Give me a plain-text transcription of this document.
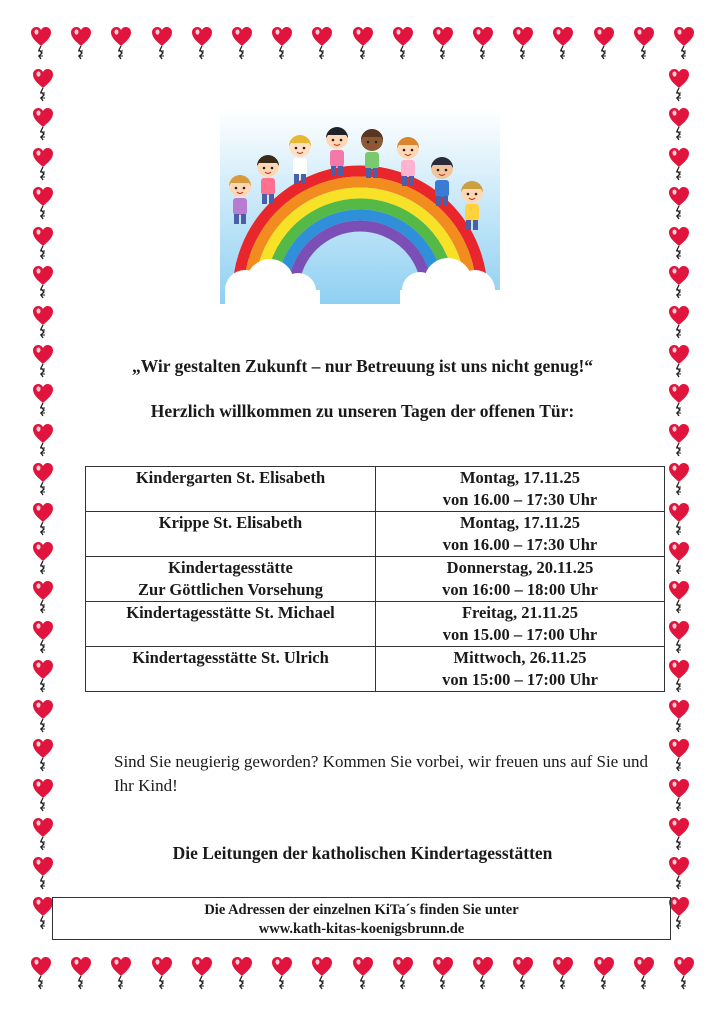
„Wir gestalten Zukunft – nur Betreuung ist uns nicht genug!“
Herzlich willkommen zu unseren Tagen der offenen Tür:
Kindergarten St. Elisabeth	Montag, 17.11.25
von 16.00 – 17:30 Uhr

Krippe St. Elisabeth	Montag, 17.11.25
von 16.00 – 17:30 Uhr

Kindertagesstätte
Zur Göttlichen Vorsehung	Donnerstag, 20.11.25
von 16:00 – 18:00 Uhr

Kindertagesstätte St. Michael	Freitag, 21.11.25
von 15.00 – 17:00 Uhr

Kindertagesstätte St. Ulrich	Mittwoch, 26.11.25
von 15:00 – 17:00 Uhr
Sind Sie neugierig geworden? Kommen Sie vorbei, wir freuen uns auf Sie und Ihr Kind!
Die Leitungen der katholischen Kindertagesstätten
Die Adressen der einzelnen KiTa´s finden Sie unter
www.kath-kitas-koenigsbrunn.de
